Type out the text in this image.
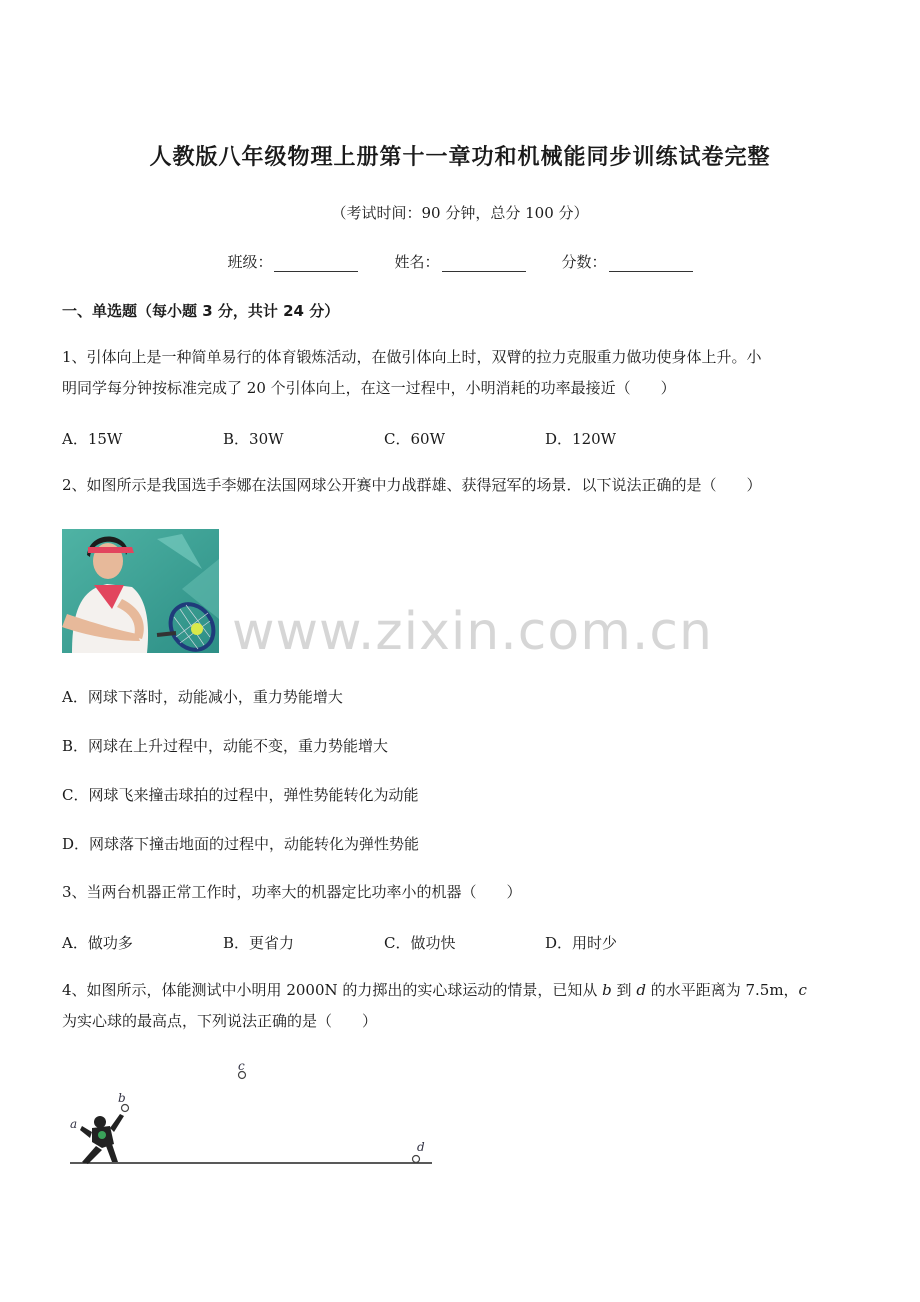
人教版八年级物理上册第十一章功和机械能同步训练试卷完整
（考试时间：90 分钟，总分 100 分）
班级：	姓名：	分数：
一、单选题（每小题 3 分，共计 24 分）
1、引体向上是一种简单易行的体育锻炼活动，在做引体向上时，双臂的拉力克服重力做功使身体上升。小
明同学每分钟按标准完成了 20 个引体向上，在这一过程中，小明消耗的功率最接近（　　）
A．15W	B．30W	C．60W	D．120W
2、如图所示是我国选手李娜在法国网球公开赛中力战群雄、获得冠军的场景．以下说法正确的是（　　）
www.zixin.com.cn
A．网球下落时，动能减小，重力势能增大
B．网球在上升过程中，动能不变，重力势能增大
C．网球飞来撞击球拍的过程中，弹性势能转化为动能
D．网球落下撞击地面的过程中，动能转化为弹性势能
3、当两台机器正常工作时，功率大的机器定比功率小的机器（　　）
A．做功多	B．更省力	C．做功快	D．用时少
4、如图所示，体能测试中小明用 2000N 的力掷出的实心球运动的情景，已知从 b 到 d 的水平距离为 7.5m，c
为实心球的最高点，下列说法正确的是（　　）
b
a
c
d
